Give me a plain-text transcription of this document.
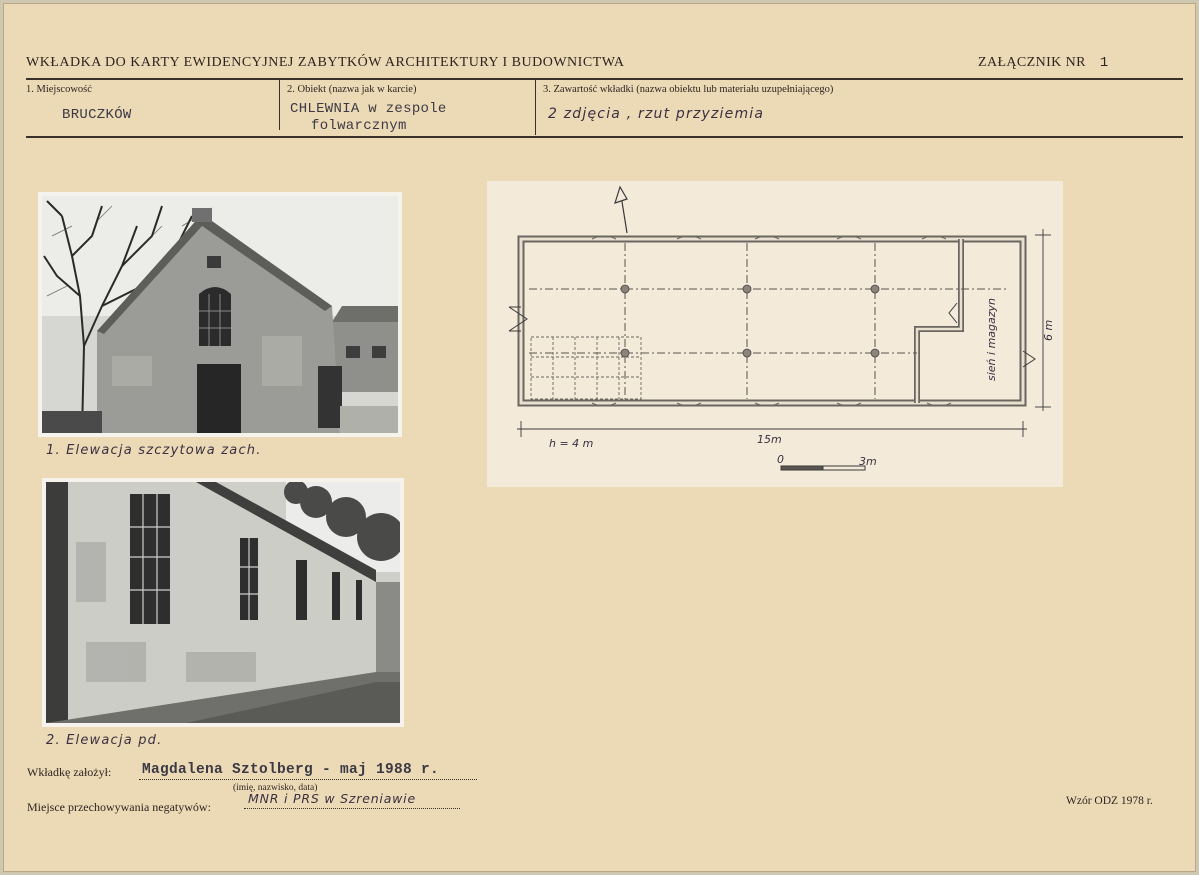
WKŁADKA DO KARTY EWIDENCYJNEJ ZABYTKÓW ARCHITEKTURY I BUDOWNICTWA	ZAŁĄCZNIK NR 1
1. Miejscowość
BRUCZKÓW
2. Obiekt (nazwa jak w karcie)
CHLEWNIA w zespole
folwarcznym
3. Zawartość wkładki (nazwa obiektu lub materiału uzupełniającego)
2 zdjęcia , rzut przyziemia
1. Elewacja szczytowa zach.
2. Elewacja pd.
h = 4 m	15m
0	3m
6 m
sień i magazyn
Wkładkę założył: Magdalena Sztolberg - maj 1988 r.
(imię, nazwisko, data)
Miejsce przechowywania negatywów:
MNR i PRS w Szreniawie	Wzór ODZ 1978 r.
